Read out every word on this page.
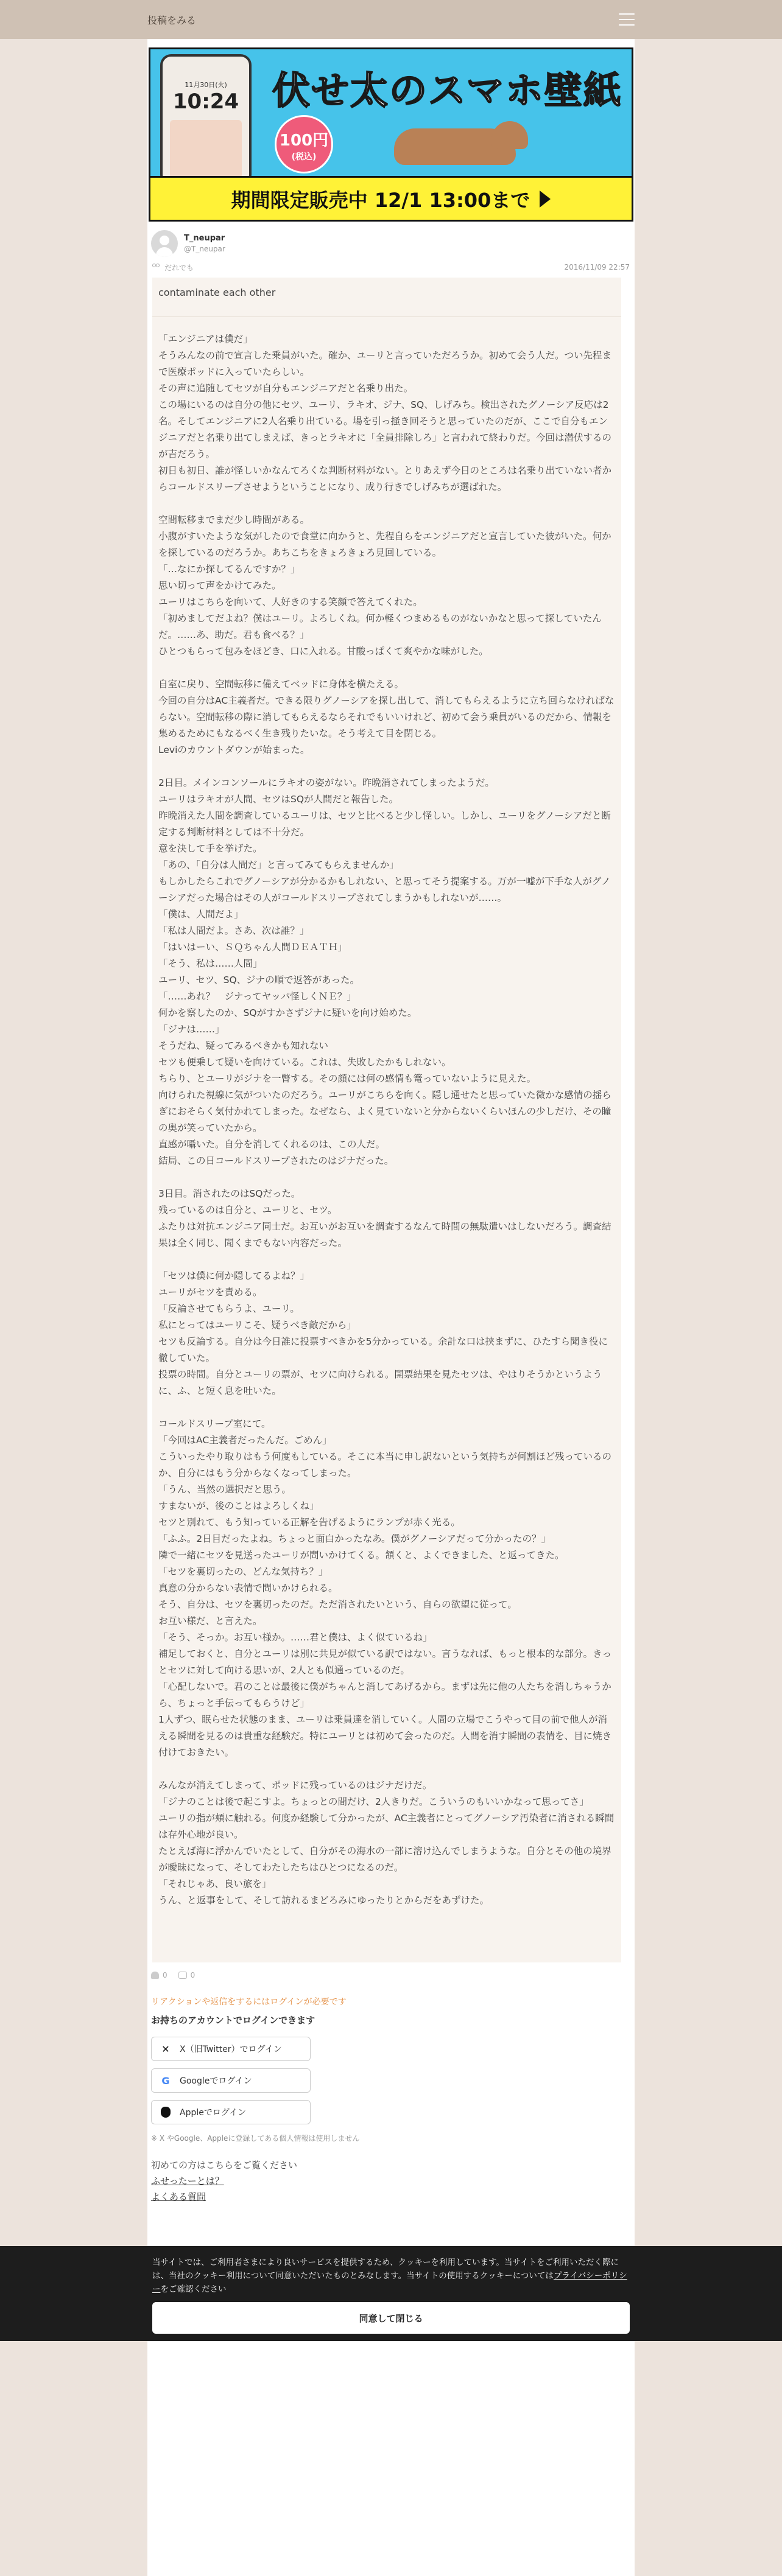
投稿をみる
11月30日(火)
10:24 伏せ太のスマホ壁紙
100円
(税込)
期間限定販売中 12/1 13:00まで
T_neupar
@T_neupar
だれでも	2016/11/09 22:57
contaminate each other
「エンジニアは僕だ」
そうみんなの前で宣言した乗員がいた。確か、ユーリと言っていただろうか。初めて会う人だ。つい先程まで医療ポッドに入っていたらしい。
その声に追随してセツが自分もエンジニアだと名乗り出た。
この場にいるのは自分の他にセツ、ユーリ、ラキオ、ジナ、SQ、しげみち。検出されたグノーシア反応は2名。そしてエンジニアに2人名乗り出ている。場を引っ掻き回そうと思っていたのだが、ここで自分もエンジニアだと名乗り出てしまえば、きっとラキオに「全員排除しろ」と言われて終わりだ。今回は潜伏するのが吉だろう。
初日も初日、誰が怪しいかなんてろくな判断材料がない。とりあえず今日のところは名乗り出ていない者からコールドスリープさせようということになり、成り行きでしげみちが選ばれた。

空間転移までまだ少し時間がある。
小腹がすいたような気がしたので食堂に向かうと、先程自らをエンジニアだと宣言していた彼がいた。何かを探しているのだろうか。あちこちをきょろきょろ見回している。
「…なにか探してるんですか？」
思い切って声をかけてみた。
ユーリはこちらを向いて、人好きのする笑顔で答えてくれた。
「初めましてだよね？僕はユーリ。よろしくね。何か軽くつまめるものがないかなと思って探していたんだ。……あ、助だ。君も食べる？」
ひとつもらって包みをほどき、口に入れる。甘酸っぱくて爽やかな味がした。

自室に戻り、空間転移に備えてベッドに身体を横たえる。
今回の自分はAC主義者だ。できる限りグノーシアを探し出して、消してもらえるように立ち回らなければならない。空間転移の際に消してもらえるならそれでもいいけれど、初めて会う乗員がいるのだから、情報を集めるためにもなるべく生き残りたいな。そう考えて目を閉じる。
Leviのカウントダウンが始まった。

2日目。メインコンソールにラキオの姿がない。昨晩消されてしまったようだ。
ユーリはラキオが人間、セツはSQが人間だと報告した。
昨晩消えた人間を調査しているユーリは、セツと比べると少し怪しい。しかし、ユーリをグノーシアだと断定する判断材料としては不十分だ。
意を決して手を挙げた。
「あの、「自分は人間だ」と言ってみてもらえませんか」
もしかしたらこれでグノーシアが分かるかもしれない、と思ってそう提案する。万が一嘘が下手な人がグノーシアだった場合はその人がコールドスリープされてしまうかもしれないが……。
「僕は、人間だよ」
「私は人間だよ。さあ、次は誰？」
「はいはーい、ＳＱちゃん人間ＤＥＡＴＨ」
「そう、私は……人間」
ユーリ、セツ、SQ、ジナの順で返答があった。
「……あれ？　ジナってヤッパ怪しくＮＥ？」
何かを察したのか、SQがすかさずジナに疑いを向け始めた。
「ジナは……」
そうだね、疑ってみるべきかも知れない
セツも便乗して疑いを向けている。これは、失敗したかもしれない。
ちらり、とユーリがジナを一瞥する。その顔には何の感情も篭っていないように見えた。
向けられた視線に気がついたのだろう。ユーリがこちらを向く。隠し通せたと思っていた微かな感情の揺らぎにおそらく気付かれてしまった。なぜなら、よく見ていないと分からないくらいほんの少しだけ、その瞳の奥が笑っていたから。
直感が囁いた。自分を消してくれるのは、この人だ。
結局、この日コールドスリープされたのはジナだった。

3日目。消されたのはSQだった。
残っているのは自分と、ユーリと、セツ。
ふたりは対抗エンジニア同士だ。お互いがお互いを調査するなんて時間の無駄遣いはしないだろう。調査結果は全く同じ、聞くまでもない内容だった。

「セツは僕に何か隠してるよね？」
ユーリがセツを責める。
「反論させてもらうよ、ユーリ。
私にとってはユーリこそ、疑うべき敵だから」
セツも反論する。自分は今日誰に投票すべきかを5分かっている。余計な口は挟まずに、ひたすら聞き役に徹していた。
投票の時間。自分とユーリの票が、セツに向けられる。開票結果を見たセツは、やはりそうかというように、ふ、と短く息を吐いた。

コールドスリープ室にて。
「今回はAC主義者だったんだ。ごめん」
こういったやり取りはもう何度もしている。そこに本当に申し訳ないという気持ちが何割ほど残っているのか、自分にはもう分からなくなってしまった。
「うん、当然の選択だと思う。
すまないが、後のことはよろしくね」
セツと別れて、もう知っている正解を告げるようにランプが赤く光る。
「ふふ。2日目だったよね。ちょっと面白かったなあ。僕がグノーシアだって分かったの？」
隣で一緒にセツを見送ったユーリが問いかけてくる。頷くと、よくできました、と返ってきた。
「セツを裏切ったの、どんな気持ち？」
真意の分からない表情で問いかけられる。
そう、自分は、セツを裏切ったのだ。ただ消されたいという、自らの欲望に従って。
お互い様だ、と言えた。
「そう、そっか。お互い様か。……君と僕は、よく似ているね」
補足しておくと、自分とユーリは別に共見が似ている訳ではない。言うなれば、もっと根本的な部分。きっとセツに対して向ける思いが、2人とも似通っているのだ。
「心配しないで。君のことは最後に僕がちゃんと消してあげるから。まずは先に他の人たちを消しちゃうから、ちょっと手伝ってもらうけど」
1人ずつ、眠らせた状態のまま、ユーリは乗員達を消していく。人間の立場でこうやって目の前で他人が消える瞬間を見るのは貴重な経験だ。特にユーリとは初めて会ったのだ。人間を消す瞬間の表情を、目に焼き付けておきたい。

みんなが消えてしまって、ポッドに残っているのはジナだけだ。
「ジナのことは後で起こすよ。ちょっとの間だけ、2人きりだ。こういうのもいいかなって思ってさ」
ユーリの指が頬に触れる。何度か経験して分かったが、AC主義者にとってグノーシア汚染者に消される瞬間は存外心地が良い。
たとえば海に浮かんでいたとして、自分がその海水の一部に溶け込んでしまうような。自分とその他の境界が曖昧になって、そしてわたしたちはひとつになるのだ。
「それじゃあ、良い旅を」
うん、と返事をして、そして訪れるまどろみにゆったりとからだをあずけた。
0	0
リアクションや返信をするにはログインが必要です
お持ちのアカウントでログインできます
✕ X（旧Twitter）でログイン
G Googleでログイン
Appleでログイン
※ X やGoogle、Appleに登録してある個人情報は使用しません
初めての方はこちらをご覧ください
ふせったーとは？
よくある質問
当サイトでは、ご利用者さまにより良いサービスを提供するため、クッキーを利用しています。当サイトをご利用いただく際には、当社のクッキー利用について同意いただいたものとみなします。当サイトの使用するクッキーについてはプライバシーポリシーをご確認ください
同意して閉じる
